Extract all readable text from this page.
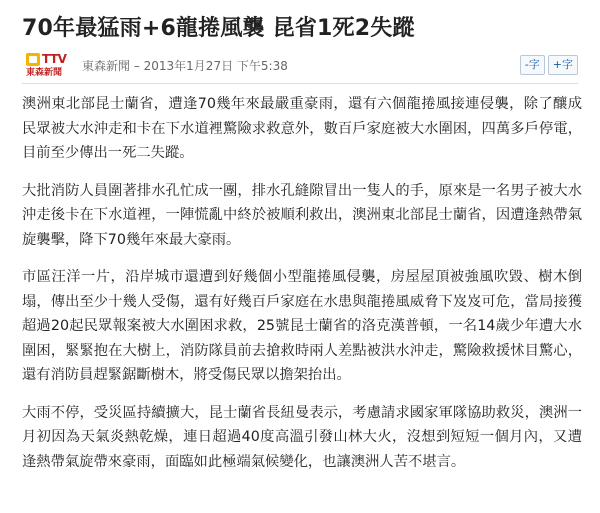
70年最猛雨+6龍捲風襲 昆省1死2失蹤
TTV
東森新聞 東森新聞 – 2013年1月27日 下午5:38	-字	+字

澳洲東北部昆士蘭省，遭逢70幾年來最嚴重豪雨，還有六個龍捲風接連侵襲，除了釀成民眾被大水沖走和卡在下水道裡驚險求救意外，數百戶家庭被大水圍困，四萬多戶停電，目前至少傳出一死二失蹤。

大批消防人員圍著排水孔忙成一團，排水孔縫隙冒出一隻人的手，原來是一名男子被大水沖走後卡在下水道裡，一陣慌亂中終於被順利救出，澳洲東北部昆士蘭省，因遭逢熱帶氣旋襲擊，降下70幾年來最大豪雨。

市區汪洋一片，沿岸城市還遭到好幾個小型龍捲風侵襲，房屋屋頂被強風吹毀、樹木倒塌，傳出至少十幾人受傷，還有好幾百戶家庭在水患與龍捲風威脅下岌岌可危，當局接獲超過20起民眾報案被大水圍困求救，25號昆士蘭省的洛克漢普頓，一名14歲少年遭大水圍困，緊緊抱在大樹上，消防隊員前去搶救時兩人差點被洪水沖走，驚險救援怵目驚心，還有消防員趕緊鋸斷樹木，將受傷民眾以擔架抬出。

大雨不停，受災區持續擴大，昆士蘭省長紐曼表示，考慮請求國家軍隊協助救災，澳洲一月初因為天氣炎熱乾燥，連日超過40度高溫引發山林大火，沒想到短短一個月內，又遭逢熱帶氣旋帶來豪雨，面臨如此極端氣候變化，也讓澳洲人苦不堪言。
